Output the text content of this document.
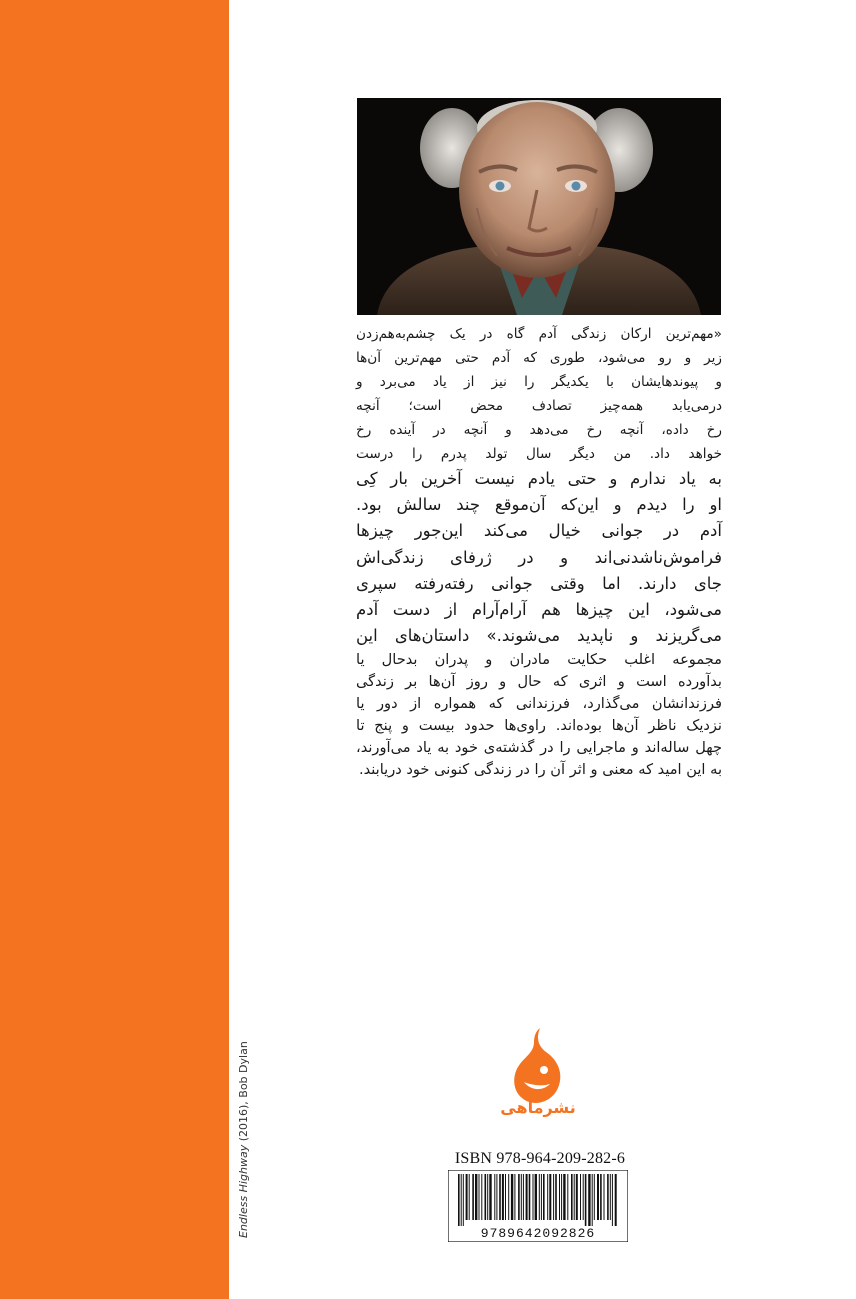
Endless Highway (2016), Bob Dylan
«مهم‌ترین ارکان زندگی آدم گاه در یک چشم‌به‌هم‌زدن
زیر و رو می‌شود، طوری که آدم حتی مهم‌ترین آن‌ها
و پیوندهایشان با یکدیگر را نیز از یاد می‌برد و
درمی‌یابد همه‌چیز تصادف محض است؛ آنچه
رخ داده، آنچه رخ می‌دهد و آنچه در آینده رخ
خواهد داد. من دیگر سال تولد پدرم را درست
به یاد ندارم و حتی یادم نیست آخرین بار کِی
او را دیدم و این‌که آن‌موقع چند سالش بود.
آدم در جوانی خیال می‌کند این‌جور چیزها
فراموش‌ناشدنی‌اند و در ژرفای زندگی‌اش
جای دارند. اما وقتی جوانی رفته‌رفته سپری
می‌شود، این چیزها هم آرام‌آرام از دست آدم
می‌گریزند و ناپدید می‌شوند.» داستان‌های این
مجموعه اغلب حکایت مادران و پدران بدحال یا
بدآورده است و اثری که حال و روز آن‌ها بر زندگی
فرزندانشان می‌گذارد، فرزندانی که همواره از دور یا
نزدیک ناظر آن‌ها بوده‌اند. راوی‌ها حدود بیست و پنج تا
چهل ساله‌اند و ماجرایی را در گذشته‌ی خود به یاد می‌آورند،
به این امید که معنی و اثر آن را در زندگی کنونی خود دریابند.
نشرماهی
ISBN 978-964-209-282-6
9789642092826
